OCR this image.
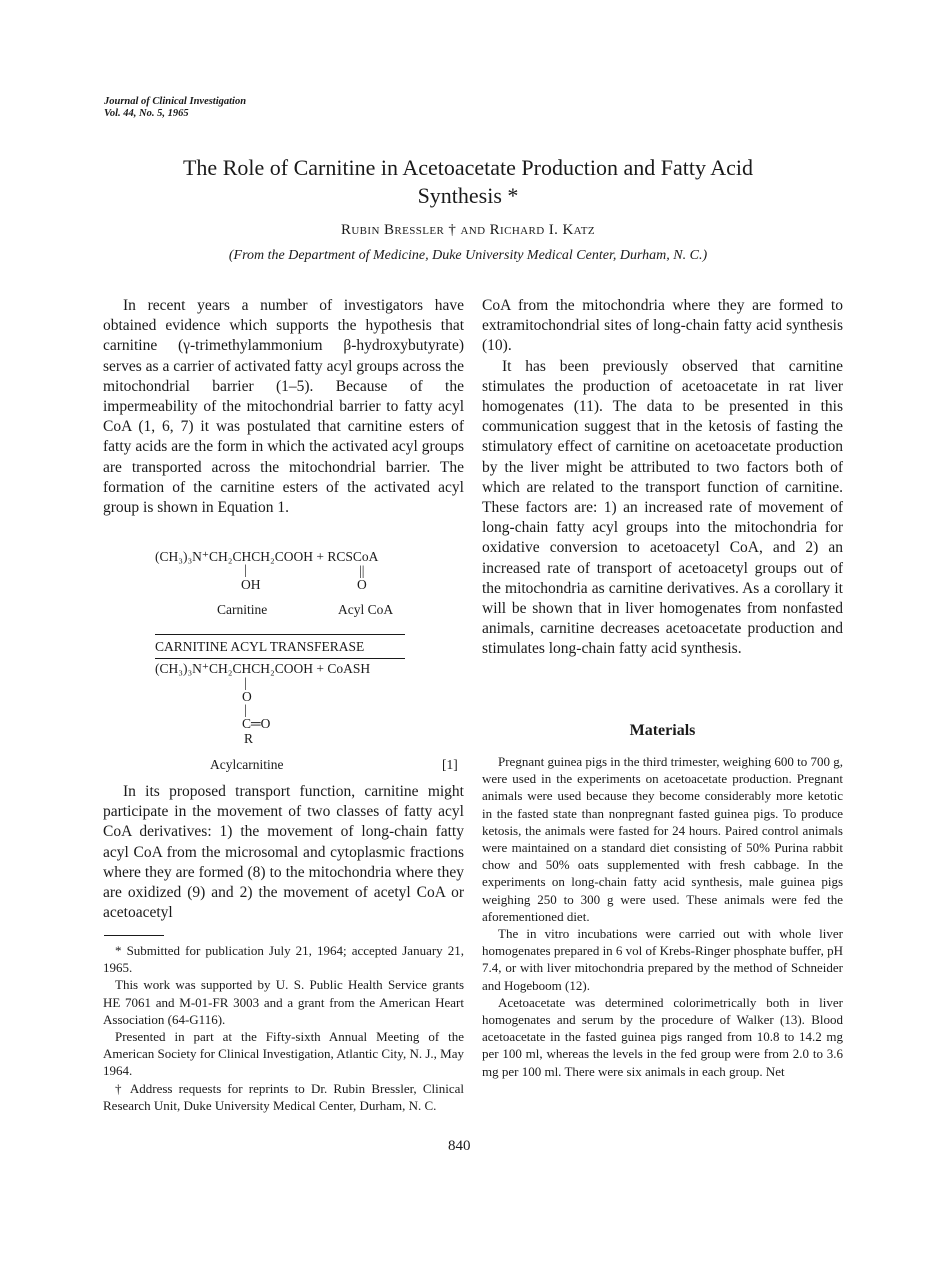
Journal of Clinical Investigation
Vol. 44, No. 5, 1965
The Role of Carnitine in Acetoacetate Production and Fatty Acid Synthesis *
Rubin Bressler † and Richard I. Katz
(From the Department of Medicine, Duke University Medical Center, Durham, N. C.)

In recent years a number of investigators have obtained evidence which supports the hypothesis that carnitine (γ-trimethylammonium β-hydroxybutyrate) serves as a carrier of activated fatty acyl groups across the mitochondrial barrier (1–5). Because of the impermeability of the mitochondrial barrier to fatty acyl CoA (1, 6, 7) it was postulated that carnitine esters of fatty acids are the form in which the activated acyl groups are transported across the mitochondrial barrier. The formation of the carnitine esters of the activated acyl group is shown in Equation 1.

(CH₃)₃N⁺CH₂CHCH₂COOH + RCSCoA
|
OH
||
O
Carnitine	Acyl CoA
CARNITINE ACYL TRANSFERASE
(CH₃)₃N⁺CH₂CHCH₂COOH + CoASH
|
O
|
C═O
R
Acylcarnitine	[1]

In its proposed transport function, carnitine might participate in the movement of two classes of fatty acyl CoA derivatives: 1) the movement of long-chain fatty acyl CoA from the microsomal and cytoplasmic fractions where they are formed (8) to the mitochondria where they are oxidized (9) and 2) the movement of acetyl CoA or acetoacetyl

* Submitted for publication July 21, 1964; accepted January 21, 1965.

This work was supported by U. S. Public Health Service grants HE 7061 and M-01-FR 3003 and a grant from the American Heart Association (64-G116).

Presented in part at the Fifty-sixth Annual Meeting of the American Society for Clinical Investigation, Atlantic City, N. J., May 1964.

† Address requests for reprints to Dr. Rubin Bressler, Clinical Research Unit, Duke University Medical Center, Durham, N. C.

CoA from the mitochondria where they are formed to extramitochondrial sites of long-chain fatty acid synthesis (10).

It has been previously observed that carnitine stimulates the production of acetoacetate in rat liver homogenates (11). The data to be presented in this communication suggest that in the ketosis of fasting the stimulatory effect of carnitine on acetoacetate production by the liver might be attributed to two factors both of which are related to the transport function of carnitine. These factors are: 1) an increased rate of movement of long-chain fatty acyl groups into the mitochondria for oxidative conversion to acetoacetyl CoA, and 2) an increased rate of transport of acetoacetyl groups out of the mitochondria as carnitine derivatives. As a corollary it will be shown that in liver homogenates from nonfasted animals, carnitine decreases acetoacetate production and stimulates long-chain fatty acid synthesis.

Materials

Pregnant guinea pigs in the third trimester, weighing 600 to 700 g, were used in the experiments on acetoacetate production. Pregnant animals were used because they become considerably more ketotic in the fasted state than nonpregnant fasted guinea pigs. To produce ketosis, the animals were fasted for 24 hours. Paired control animals were maintained on a standard diet consisting of 50% Purina rabbit chow and 50% oats supplemented with fresh cabbage. In the experiments on long-chain fatty acid synthesis, male guinea pigs weighing 250 to 300 g were used. These animals were fed the aforementioned diet.

The in vitro incubations were carried out with whole liver homogenates prepared in 6 vol of Krebs-Ringer phosphate buffer, pH 7.4, or with liver mitochondria prepared by the method of Schneider and Hogeboom (12).

Acetoacetate was determined colorimetrically both in liver homogenates and serum by the procedure of Walker (13). Blood acetoacetate in the fasted guinea pigs ranged from 10.8 to 14.2 mg per 100 ml, whereas the levels in the fed group were from 2.0 to 3.6 mg per 100 ml. There were six animals in each group. Net

840
